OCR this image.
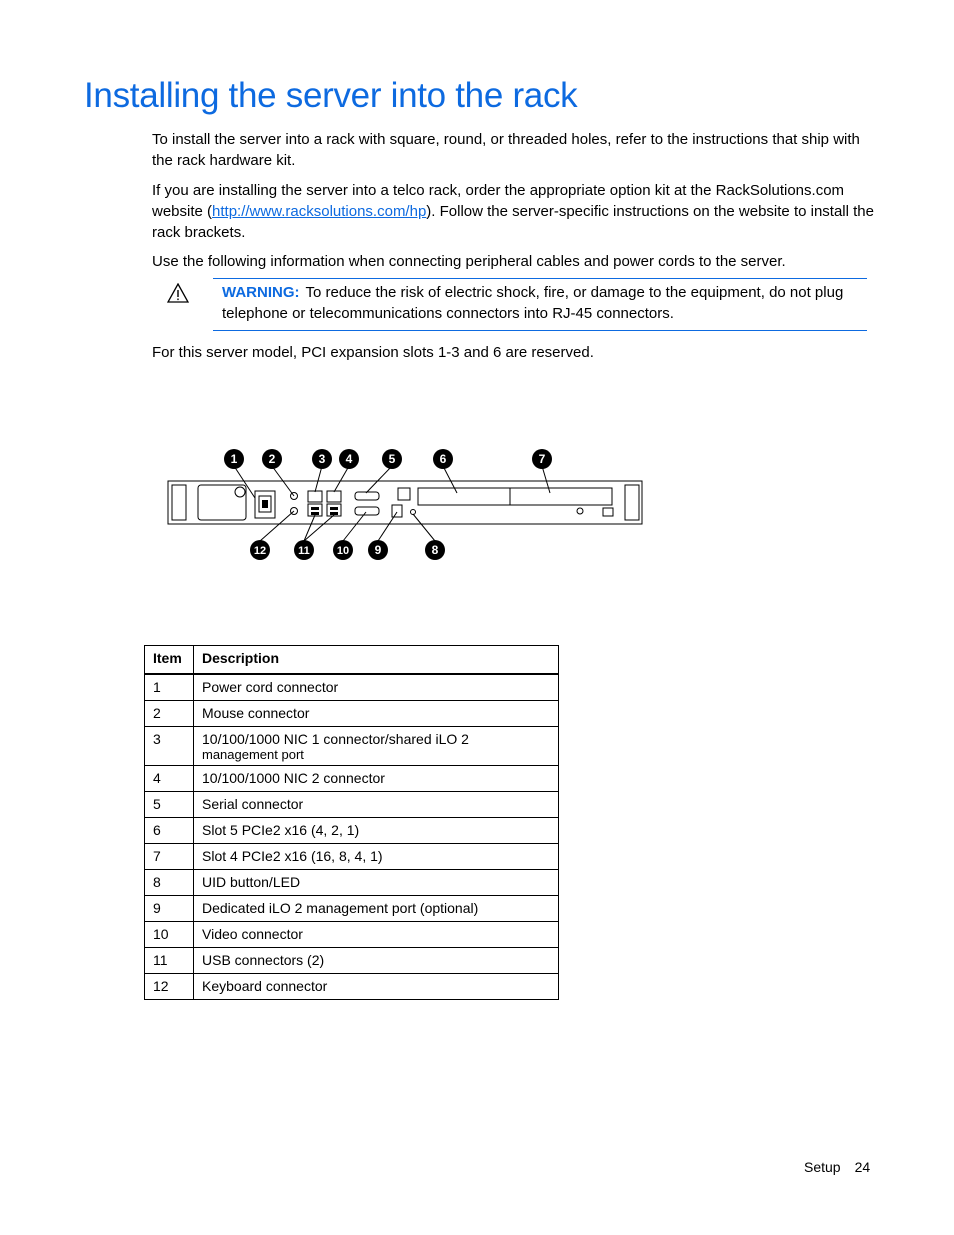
Installing the server into the rack

To install the server into a rack with square, round, or threaded holes, refer to the instructions that ship with the rack hardware kit.

If you are installing the server into a telco rack, order the appropriate option kit at the RackSolutions.com website (http://www.racksolutions.com/hp). Follow the server-specific instructions on the website to install the rack brackets.

Use the following information when connecting peripheral cables and power cords to the server.

WARNING: To reduce the risk of electric shock, fire, or damage to the equipment, do not plug telephone or telecommunications connectors into RJ-45 connectors.

For this server model, PCI expansion slots 1-3 and 6 are reserved.

1	2	3 4	5	6	7
12	11 10 9	8
Item	Description
1	Power cord connector
2	Mouse connector
3	10/100/1000 NIC 1 connector/shared iLO 2
management port

4	10/100/1000 NIC 2 connector
5	Serial connector
6	Slot 5 PCIe2 x16 (4, 2, 1)
7	Slot 4 PCIe2 x16 (16, 8, 4, 1)
8	UID button/LED
9	Dedicated iLO 2 management port (optional)
10	Video connector
11	USB connectors (2)
12	Keyboard connector
Setup 24
